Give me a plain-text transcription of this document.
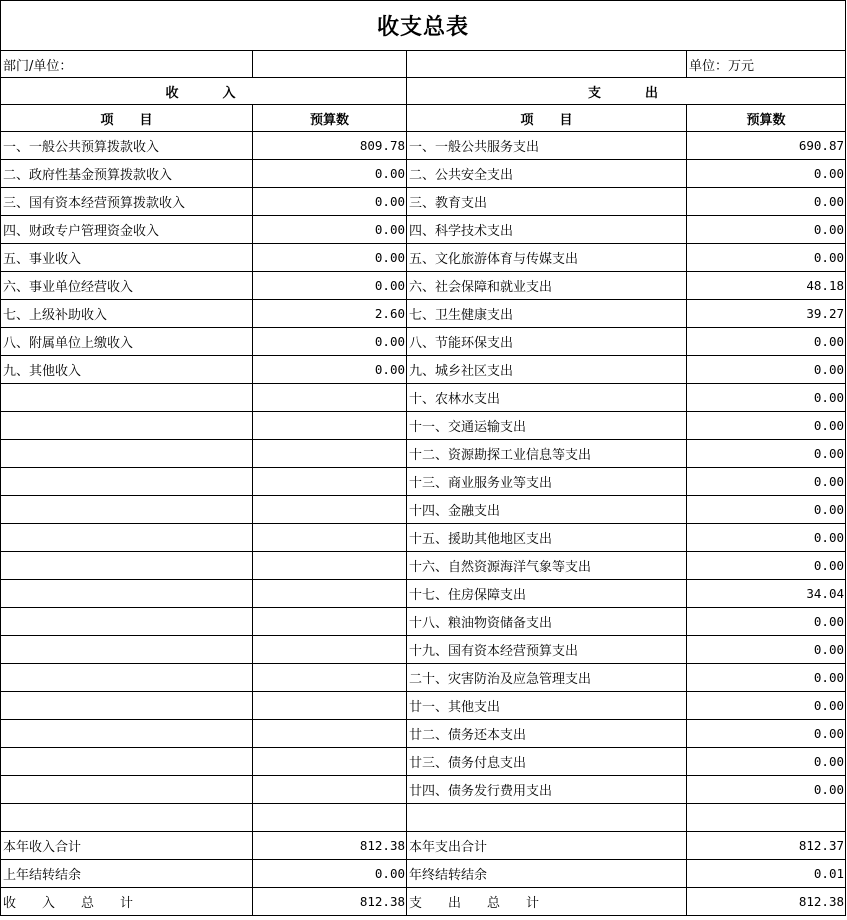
收支总表			
部门/单位：			单位：万元
收　　入		支　　出	
项　　目	预算数	项　　目	预算数
一、一般公共预算拨款收入	809.78	一、一般公共服务支出	690.87
二、政府性基金预算拨款收入	0.00	二、公共安全支出	0.00
三、国有资本经营预算拨款收入	0.00	三、教育支出	0.00
四、财政专户管理资金收入	0.00	四、科学技术支出	0.00
五、事业收入	0.00	五、文化旅游体育与传媒支出	0.00
六、事业单位经营收入	0.00	六、社会保障和就业支出	48.18
七、上级补助收入	2.60	七、卫生健康支出	39.27
八、附属单位上缴收入	0.00	八、节能环保支出	0.00
九、其他收入	0.00	九、城乡社区支出	0.00
		十、农林水支出	0.00
		十一、交通运输支出	0.00
		十二、资源勘探工业信息等支出	0.00
		十三、商业服务业等支出	0.00
		十四、金融支出	0.00
		十五、援助其他地区支出	0.00
		十六、自然资源海洋气象等支出	0.00
		十七、住房保障支出	34.04
		十八、粮油物资储备支出	0.00
		十九、国有资本经营预算支出	0.00
		二十、灾害防治及应急管理支出	0.00
		廿一、其他支出	0.00
		廿二、债务还本支出	0.00
		廿三、债务付息支出	0.00
		廿四、债务发行费用支出	0.00

本年收入合计	812.38	本年支出合计	812.37
上年结转结余	0.00	年终结转结余	0.01
收　　入　　总　　计	812.38	支　　出　　总　　计	812.38
